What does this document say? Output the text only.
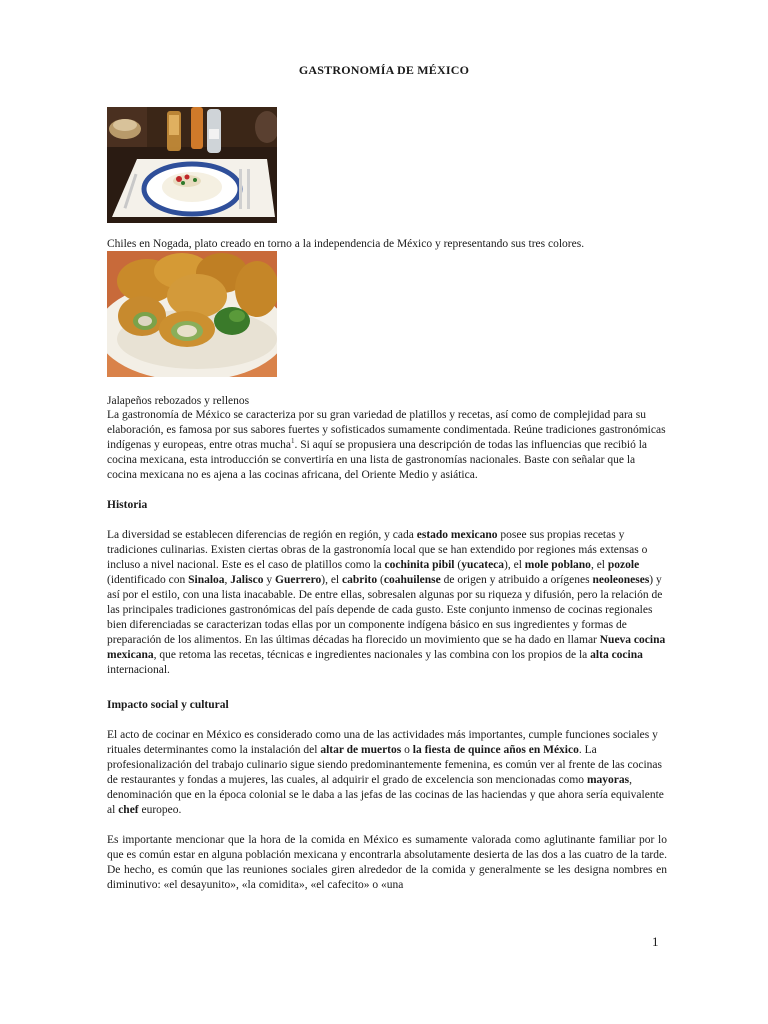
GASTRONOMÍA DE MÉXICO
Chiles en Nogada, plato creado en torno a la independencia de México y representando sus tres colores.
Jalapeños rebozados y rellenos

La gastronomía de México se caracteriza por su gran variedad de platillos y recetas, así como de complejidad para su elaboración, es famosa por sus sabores fuertes y sofisticados sumamente condimentada. Reúne tradiciones gastronómicas indígenas y europeas, entre otras mucha$^1$. Si aquí se propusiera una descripción de todas las influencias que recibió la cocina mexicana, esta introducción se convertiría en una lista de gastronomías nacionales. Baste con señalar que la cocina mexicana no es ajena a las cocinas africana, del Oriente Medio y asiática.

Historia

La diversidad se establecen diferencias de región en región, y cada estado mexicano posee sus propias recetas y tradiciones culinarias. Existen ciertas obras de la gastronomía local que se han extendido por regiones más extensas o incluso a nivel nacional. Este es el caso de platillos como la cochinita pibil (yucateca), el mole poblano, el pozole (identificado con Sinaloa, Jalisco y Guerrero), el cabrito (coahuilense de origen y atribuido a orígenes neoleoneses) y así por el estilo, con una lista inacabable. De entre ellas, sobresalen algunas por su riqueza y difusión, pero la relación de las principales tradiciones gastronómicas del país depende de cada gusto. Este conjunto inmenso de cocinas regionales bien diferenciadas se caracterizan todas ellas por un componente indígena básico en sus ingredientes y formas de preparación de los alimentos. En las últimas décadas ha florecido un movimiento que se ha dado en llamar Nueva cocina mexicana, que retoma las recetas, técnicas e ingredientes nacionales y las combina con los propios de la alta cocina internacional.

Impacto social y cultural

El acto de cocinar en México es considerado como una de las actividades más importantes, cumple funciones sociales y rituales determinantes como la instalación del altar de muertos o la fiesta de quince años en México. La profesionalización del trabajo culinario sigue siendo predominantemente femenina, es común ver al frente de las cocinas de restaurantes y fondas a mujeres, las cuales, al adquirir el grado de excelencia son mencionadas como mayoras, denominación que en la época colonial se le daba a las jefas de las cocinas de las haciendas y que ahora sería equivalente al chef europeo.

Es importante mencionar que la hora de la comida en México es sumamente valorada como aglutinante familiar por lo que es común estar en alguna población mexicana y encontrarla absolutamente desierta de las dos a las cuatro de la tarde. De hecho, es común que las reuniones sociales giren alrededor de la comida y generalmente se les designa nombres en diminutivo: «el desayunito», «la comidita», «el cafecito» o «una

1
